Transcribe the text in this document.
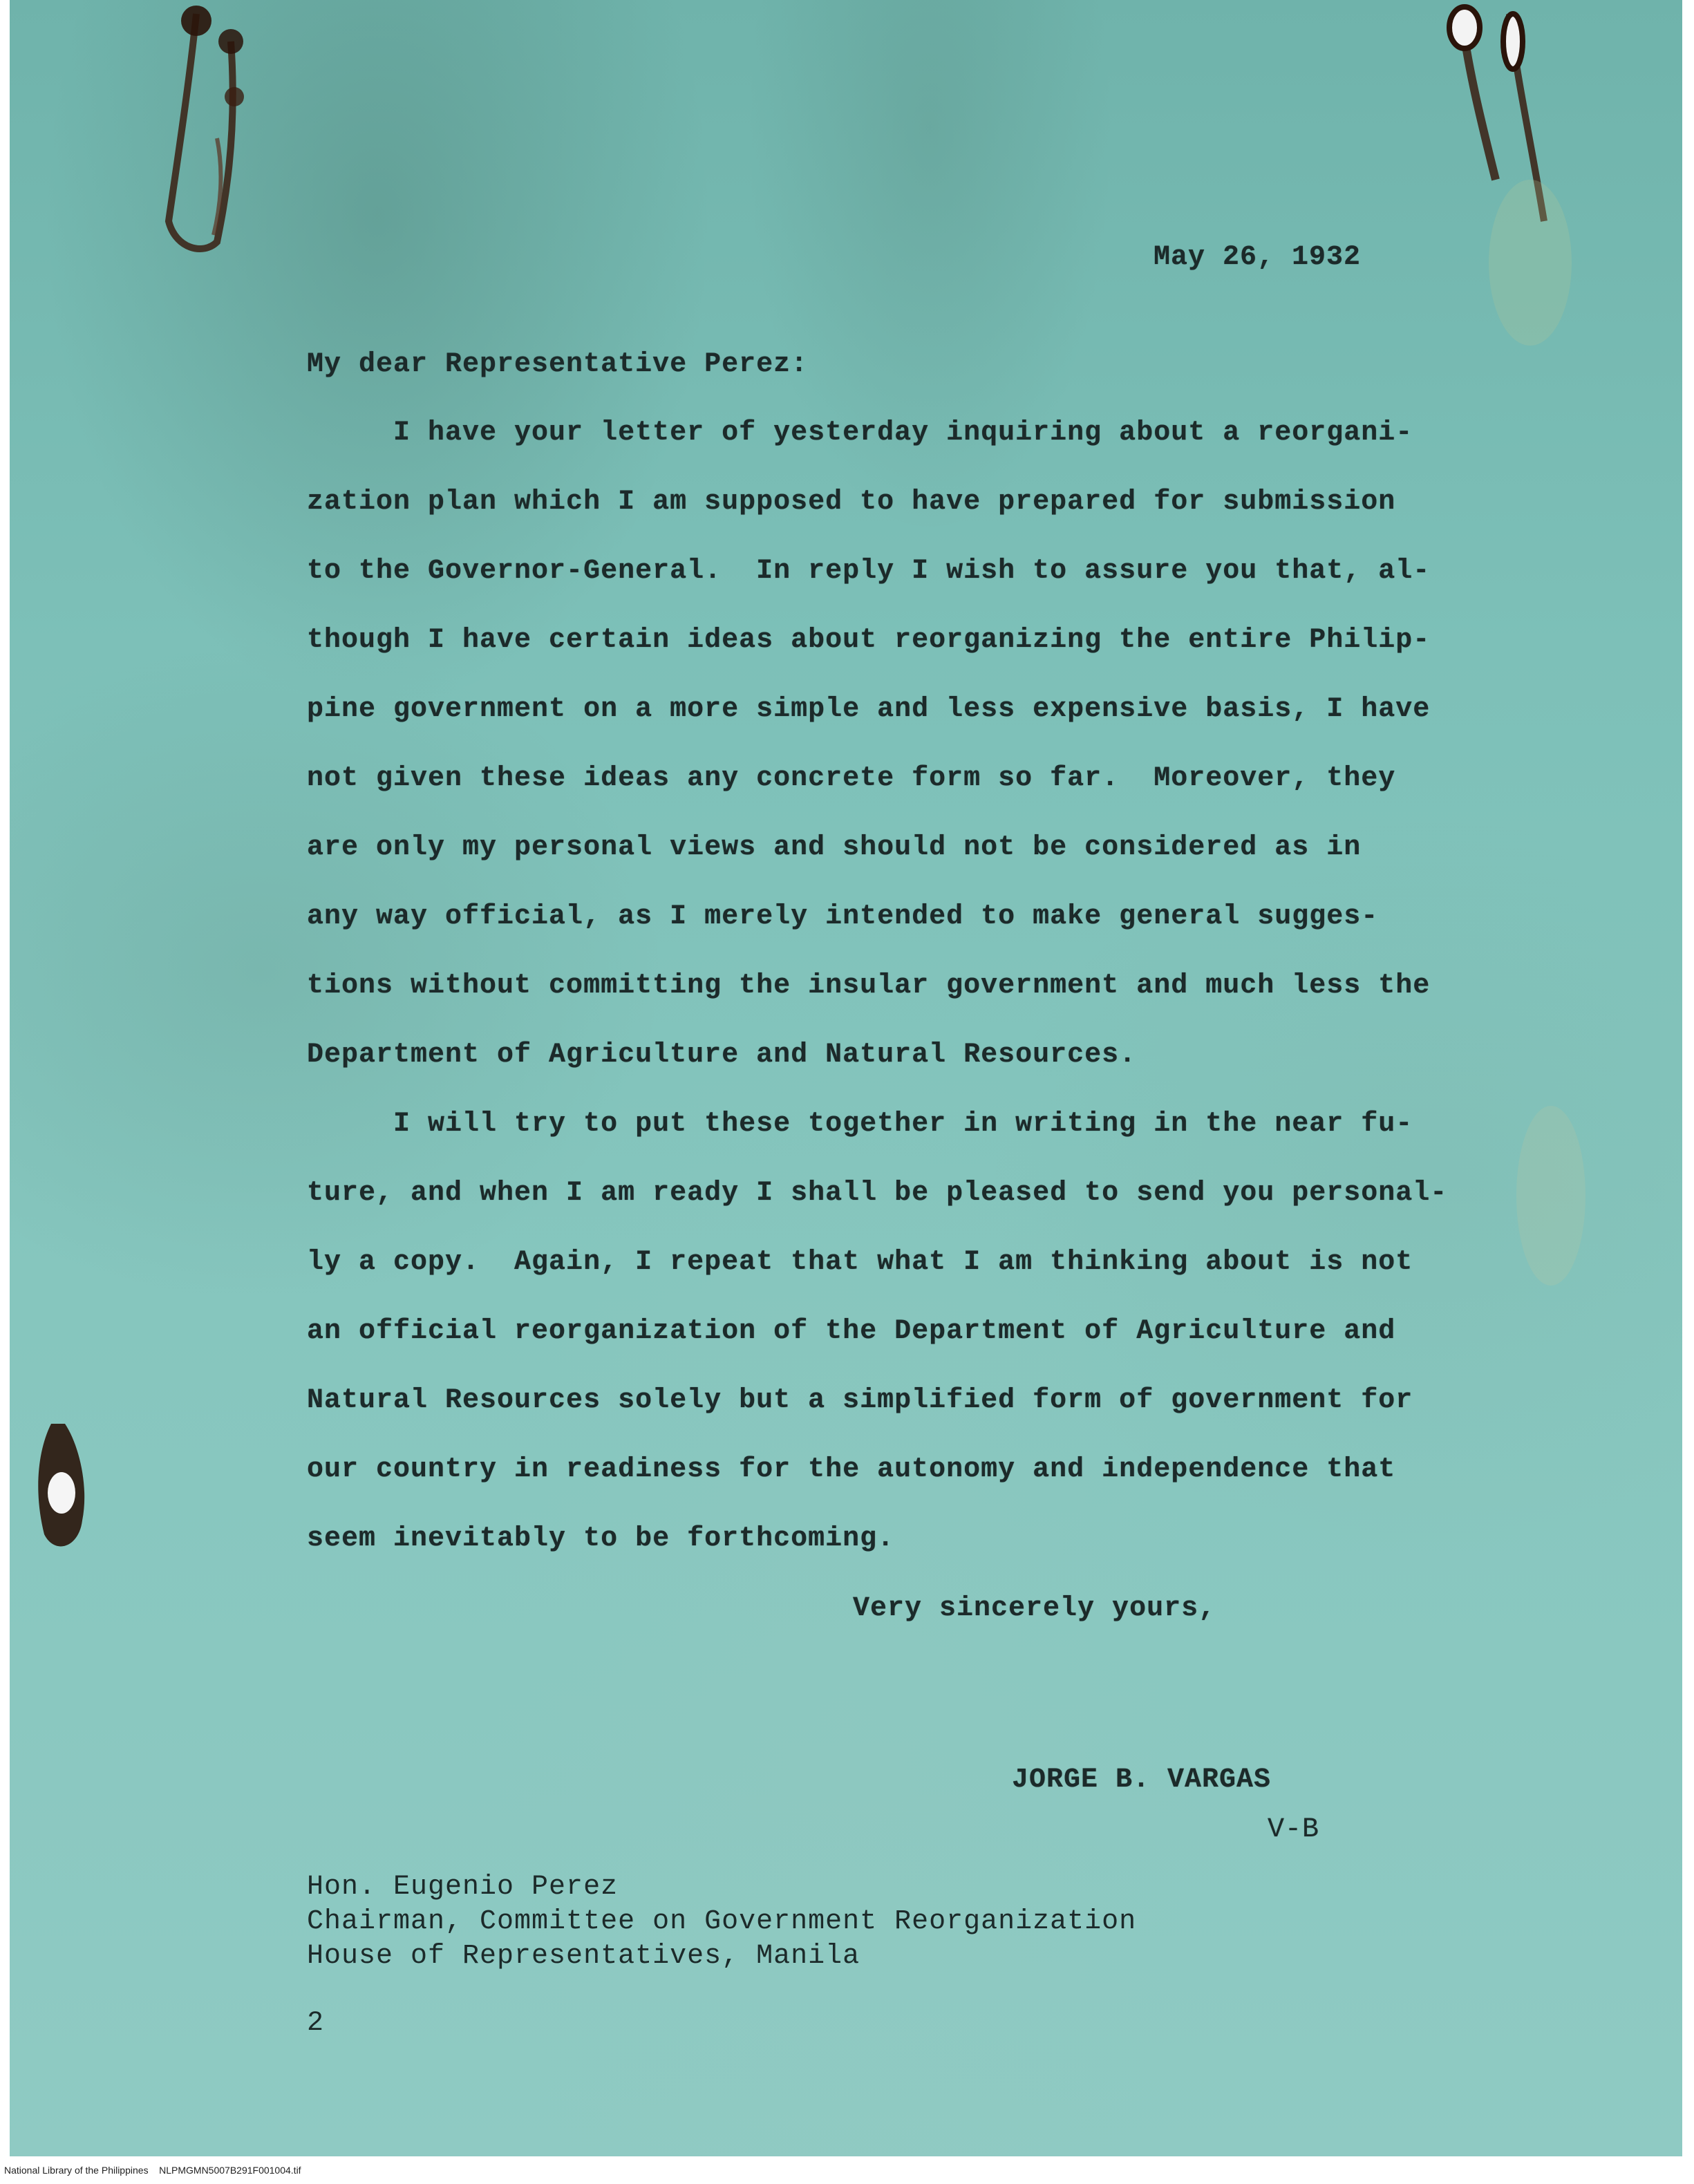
May 26, 1932
My dear Representative Perez:
I have your letter of yesterday inquiring about a reorgani-
zation plan which I am supposed to have prepared for submission
to the Governor-General.  In reply I wish to assure you that, al-
though I have certain ideas about reorganizing the entire Philip-
pine government on a more simple and less expensive basis, I have
not given these ideas any concrete form so far.  Moreover, they
are only my personal views and should not be considered as in
any way official, as I merely intended to make general sugges-
tions without committing the insular government and much less the
Department of Agriculture and Natural Resources.
I will try to put these together in writing in the near fu-
ture, and when I am ready I shall be pleased to send you personal-
ly a copy.  Again, I repeat that what I am thinking about is not
an official reorganization of the Department of Agriculture and
Natural Resources solely but a simplified form of government for
our country in readiness for the autonomy and independence that
seem inevitably to be forthcoming.
Very sincerely yours,
JORGE B. VARGAS
V-B
Hon. Eugenio Perez
Chairman, Committee on Government Reorganization
House of Representatives, Manila
2
National Library of the Philippines    NLPMGMN5007B291F001004.tif
